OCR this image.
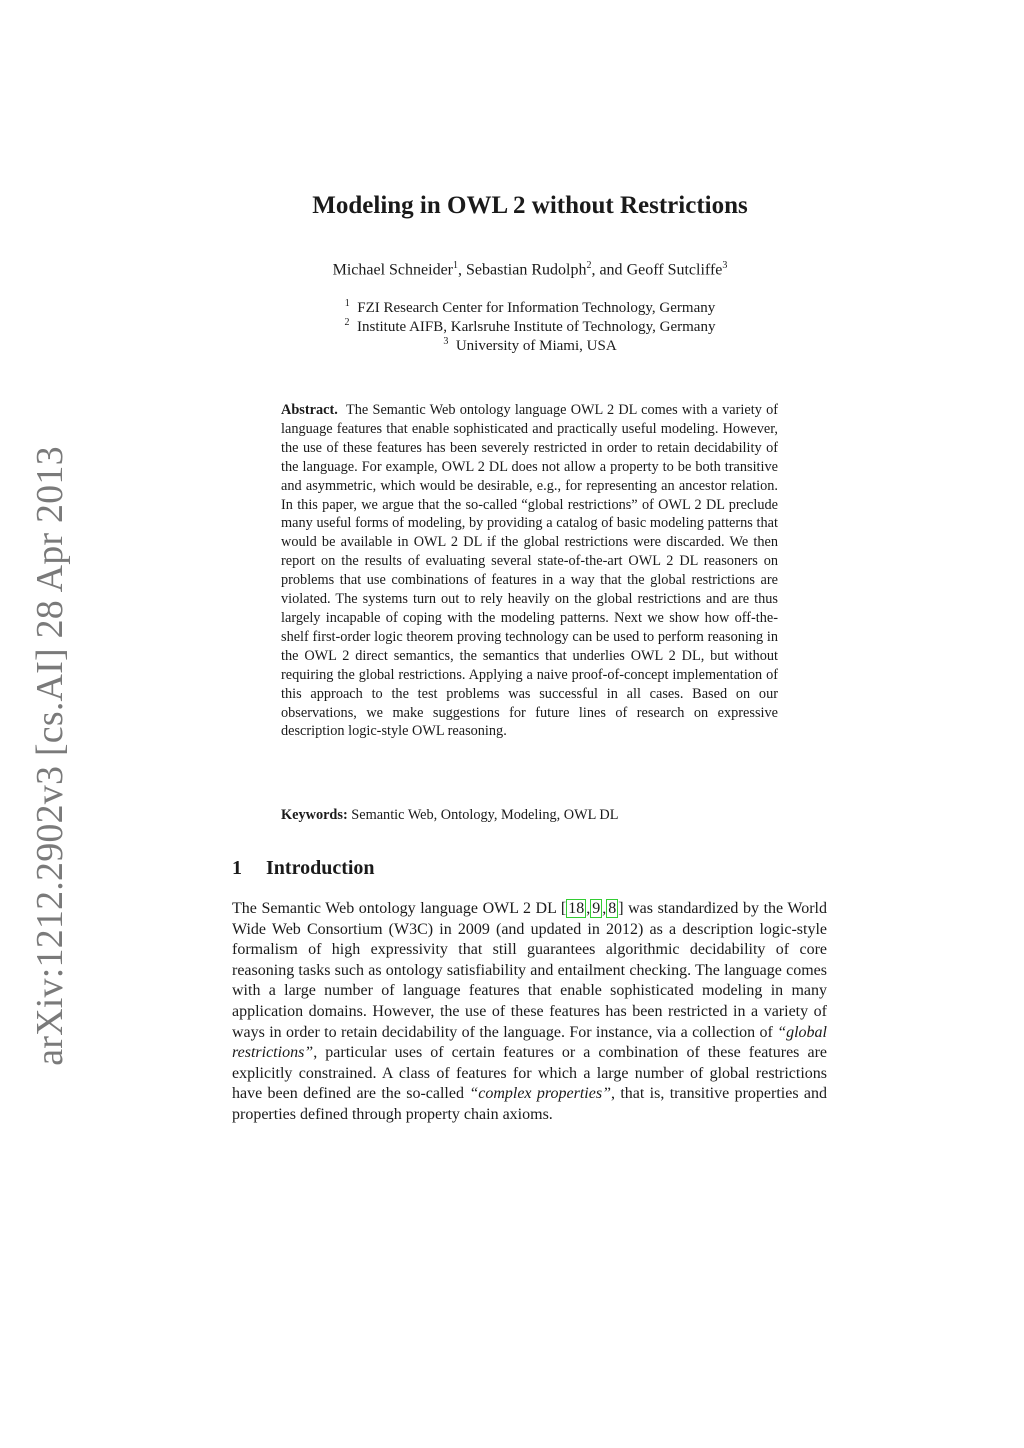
arXiv:1212.2902v3 [cs.AI] 28 Apr 2013
Modeling in OWL 2 without Restrictions
Michael Schneider$^1$, Sebastian Rudolph$^2$, and Geoff Sutcliffe$^3$
$^1$ FZI Research Center for Information Technology, Germany
$^2$ Institute AIFB, Karlsruhe Institute of Technology, Germany
$^3$ University of Miami, USA

Abstract. The Semantic Web ontology language OWL 2 DL comes with a variety of language features that enable sophisticated and practically useful modeling. However, the use of these features has been severely restricted in order to retain decidability of the language. For example, OWL 2 DL does not allow a property to be both transitive and asymmetric, which would be desirable, e.g., for representing an ancestor relation. In this paper, we argue that the so-called “global restrictions” of OWL 2 DL preclude many useful forms of modeling, by providing a catalog of basic modeling patterns that would be available in OWL 2 DL if the global restrictions were discarded. We then report on the results of evaluating several state-of-the-art OWL 2 DL reasoners on problems that use combinations of features in a way that the global restrictions are violated. The systems turn out to rely heavily on the global restrictions and are thus largely incapable of coping with the modeling patterns. Next we show how off-the-shelf first-order logic theorem proving technology can be used to perform reasoning in the OWL 2 direct semantics, the semantics that underlies OWL 2 DL, but without requiring the global restrictions. Applying a naive proof-of-concept implementation of this approach to the test problems was successful in all cases. Based on our observations, we make suggestions for future lines of research on expressive description logic-style OWL reasoning.

Keywords: Semantic Web, Ontology, Modeling, OWL DL

1 Introduction

The Semantic Web ontology language OWL 2 DL [ 18 , 9 , 8 ] was standardized by the World Wide Web Consortium (W3C) in 2009 (and updated in 2012) as a description logic-style formalism of high expressivity that still guarantees algorithmic decidability of core reasoning tasks such as ontology satisfiability and entailment checking. The language comes with a large number of language features that enable sophisticated modeling in many application domains. However, the use of these features has been restricted in a variety of ways in order to retain decidability of the language. For instance, via a collection of “global restrictions”, particular uses of certain features or a combination of these features are explicitly constrained. A class of features for which a large number of global restrictions have been defined are the so-called “complex properties”, that is, transitive properties and properties defined through property chain axioms.
